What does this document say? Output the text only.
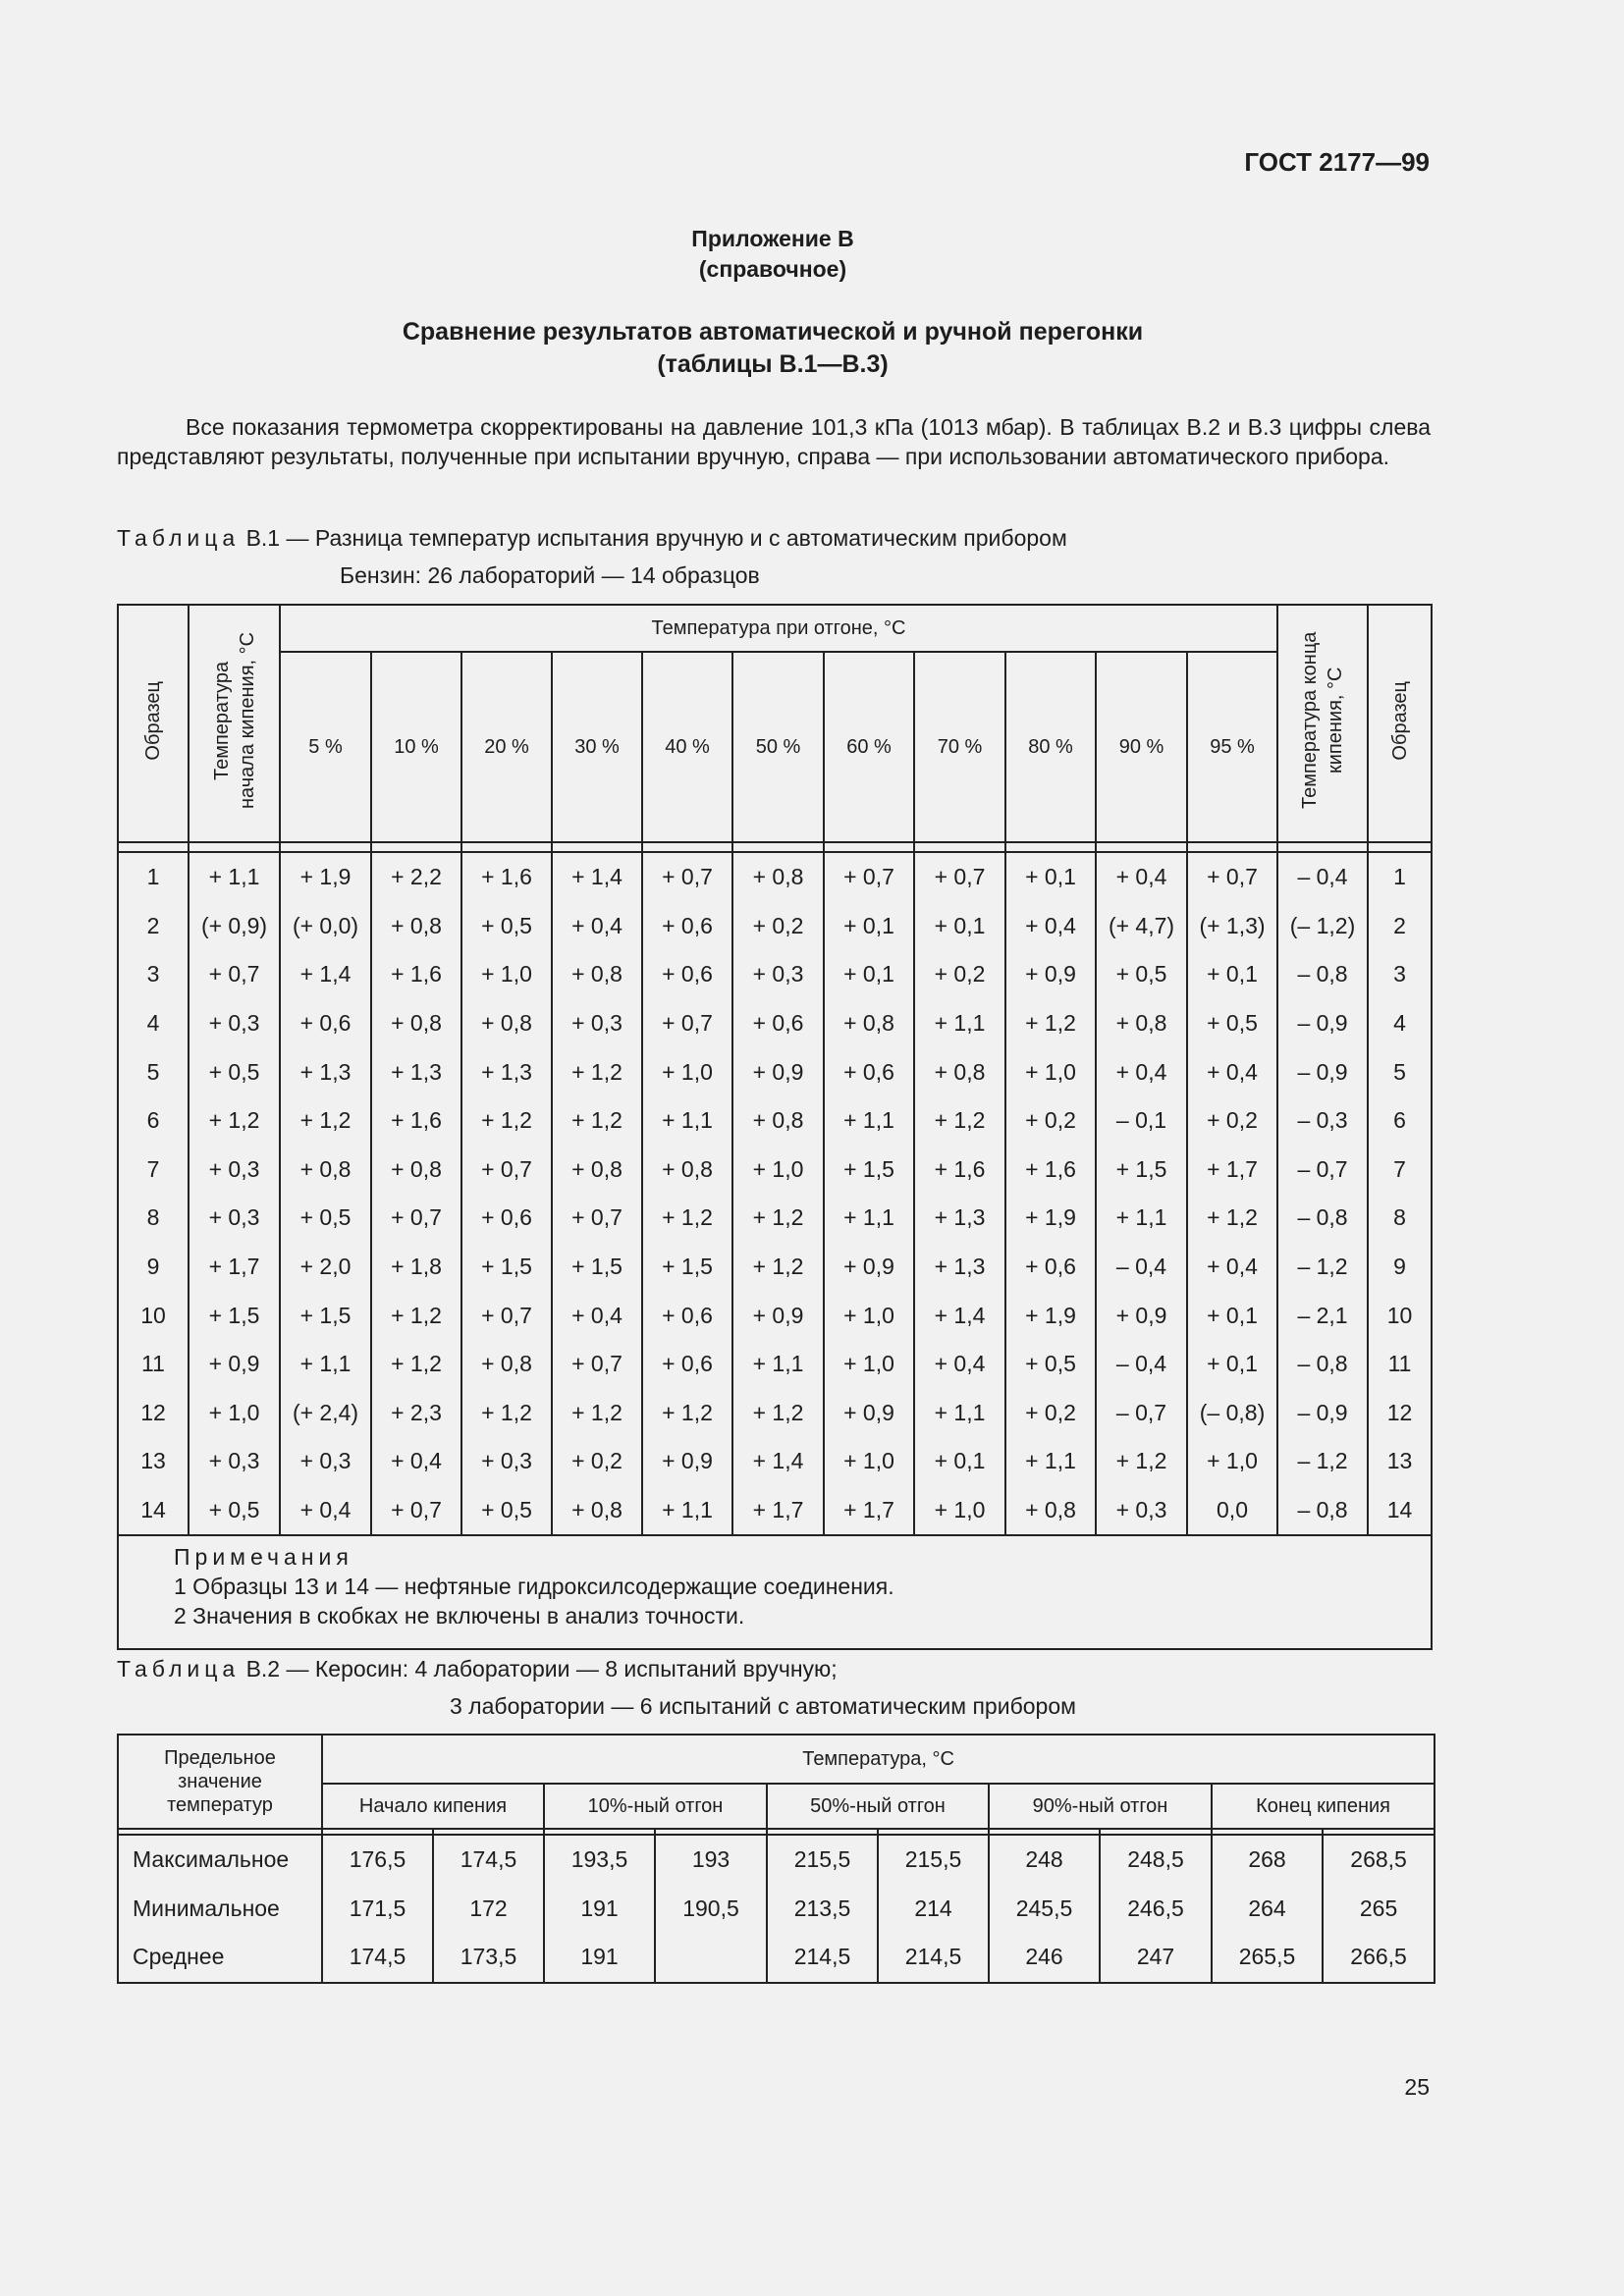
ГОСТ 2177—99
Приложение В
(справочное)
Сравнение результатов автоматической и ручной перегонки
(таблицы В.1—В.3)
Все показания термометра скорректированы на давление 101,3 кПа (1013 мбар). В таблицах В.2 и В.3 цифры слева представляют результаты, полученные при испытании вручную, справа — при использовании автоматического прибора.
Таблица В.1 — Разница температур испытания вручную и с автоматическим прибором
Бензин: 26 лабораторий — 14 образцов
Образец	Температура начала кипения, °С	Температура при отгоне, °С											Температура конца кипения, °С	Образец
		5 %	10 %	20 %	30 %	40 %	50 %	60 %	70 %	80 %	90 %	95 %		

1	+ 1,1	+ 1,9	+ 2,2	+ 1,6	+ 1,4	+ 0,7	+ 0,8	+ 0,7	+ 0,7	+ 0,1	+ 0,4	+ 0,7	– 0,4	1
2	(+ 0,9)	(+ 0,0)	+ 0,8	+ 0,5	+ 0,4	+ 0,6	+ 0,2	+ 0,1	+ 0,1	+ 0,4	(+ 4,7)	(+ 1,3)	(– 1,2)	2
3	+ 0,7	+ 1,4	+ 1,6	+ 1,0	+ 0,8	+ 0,6	+ 0,3	+ 0,1	+ 0,2	+ 0,9	+ 0,5	+ 0,1	– 0,8	3
4	+ 0,3	+ 0,6	+ 0,8	+ 0,8	+ 0,3	+ 0,7	+ 0,6	+ 0,8	+ 1,1	+ 1,2	+ 0,8	+ 0,5	– 0,9	4
5	+ 0,5	+ 1,3	+ 1,3	+ 1,3	+ 1,2	+ 1,0	+ 0,9	+ 0,6	+ 0,8	+ 1,0	+ 0,4	+ 0,4	– 0,9	5
6	+ 1,2	+ 1,2	+ 1,6	+ 1,2	+ 1,2	+ 1,1	+ 0,8	+ 1,1	+ 1,2	+ 0,2	– 0,1	+ 0,2	– 0,3	6
7	+ 0,3	+ 0,8	+ 0,8	+ 0,7	+ 0,8	+ 0,8	+ 1,0	+ 1,5	+ 1,6	+ 1,6	+ 1,5	+ 1,7	– 0,7	7
8	+ 0,3	+ 0,5	+ 0,7	+ 0,6	+ 0,7	+ 1,2	+ 1,2	+ 1,1	+ 1,3	+ 1,9	+ 1,1	+ 1,2	– 0,8	8
9	+ 1,7	+ 2,0	+ 1,8	+ 1,5	+ 1,5	+ 1,5	+ 1,2	+ 0,9	+ 1,3	+ 0,6	– 0,4	+ 0,4	– 1,2	9
10	+ 1,5	+ 1,5	+ 1,2	+ 0,7	+ 0,4	+ 0,6	+ 0,9	+ 1,0	+ 1,4	+ 1,9	+ 0,9	+ 0,1	– 2,1	10
11	+ 0,9	+ 1,1	+ 1,2	+ 0,8	+ 0,7	+ 0,6	+ 1,1	+ 1,0	+ 0,4	+ 0,5	– 0,4	+ 0,1	– 0,8	11
12	+ 1,0	(+ 2,4)	+ 2,3	+ 1,2	+ 1,2	+ 1,2	+ 1,2	+ 0,9	+ 1,1	+ 0,2	– 0,7	(– 0,8)	– 0,9	12
13	+ 0,3	+ 0,3	+ 0,4	+ 0,3	+ 0,2	+ 0,9	+ 1,4	+ 1,0	+ 0,1	+ 1,1	+ 1,2	+ 1,0	– 1,2	13
14	+ 0,5	+ 0,4	+ 0,7	+ 0,5	+ 0,8	+ 1,1	+ 1,7	+ 1,7	+ 1,0	+ 0,8	+ 0,3	0,0	– 0,8	14

Примечания
1 Образцы 13 и 14 — нефтяные гидроксилсодержащие соединения.
2 Значения в скобках не включены в анализ точности.														
Таблица В.2 — Керосин: 4 лаборатории — 8 испытаний вручную;
3 лаборатории — 6 испытаний с автоматическим прибором
Предельное значение температур	Температура, °С									
	Начало кипения		10%-ный отгон		50%-ный отгон		90%-ный отгон		Конец кипения	

Максимальное	176,5	174,5	193,5	193	215,5	215,5	248	248,5	268	268,5
Минимальное	171,5	172	191	190,5	213,5	214	245,5	246,5	264	265
Среднее	174,5	173,5	191		214,5	214,5	246	247	265,5	266,5
25
